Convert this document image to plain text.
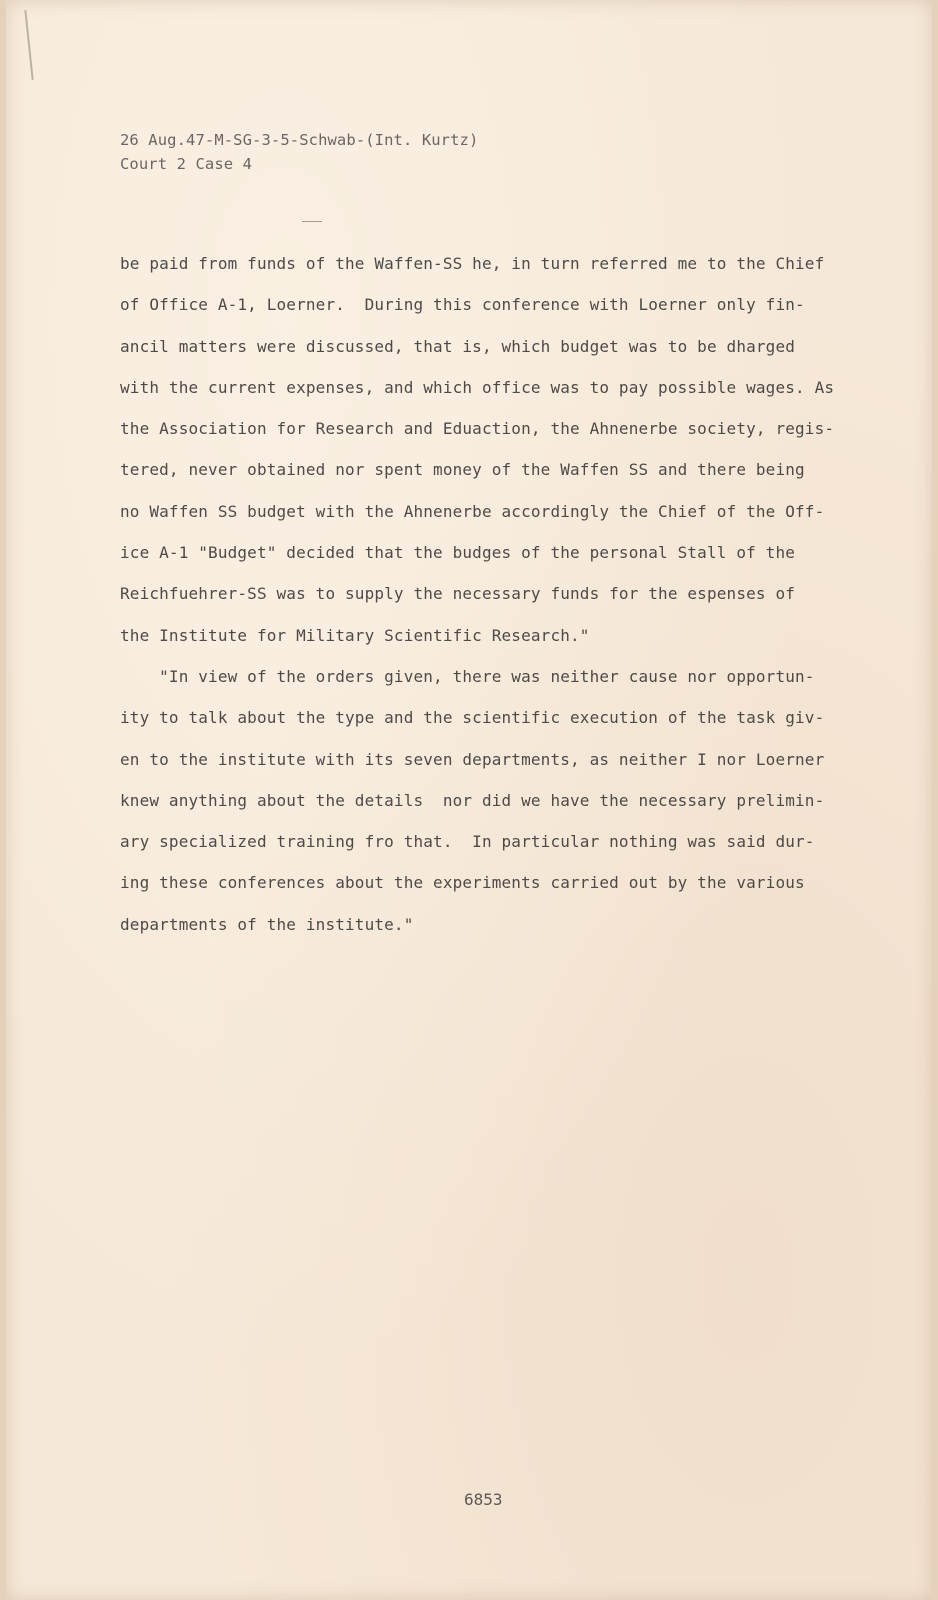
26 Aug.47-M-SG-3-5-Schwab-(Int. Kurtz)
Court 2 Case 4
be paid from funds of the Waffen-SS he, in turn referred me to the Chief
of Office A-1, Loerner.  During this conference with Loerner only fin-
ancil matters were discussed, that is, which budget was to be dharged
with the current expenses, and which office was to pay possible wages. As
the Association for Research and Eduaction, the Ahnenerbe society, regis-
tered, never obtained nor spent money of the Waffen SS and there being
no Waffen SS budget with the Ahnenerbe accordingly the Chief of the Off-
ice A-1 "Budget" decided that the budges of the personal Stall of the
Reichfuehrer-SS was to supply the necessary funds for the espenses of
the Institute for Military Scientific Research."
"In view of the orders given, there was neither cause nor opportun-
ity to talk about the type and the scientific execution of the task giv-
en to the institute with its seven departments, as neither I nor Loerner
knew anything about the details  nor did we have the necessary prelimin-
ary specialized training fro that.  In particular nothing was said dur-
ing these conferences about the experiments carried out by the various
departments of the institute."
6853
